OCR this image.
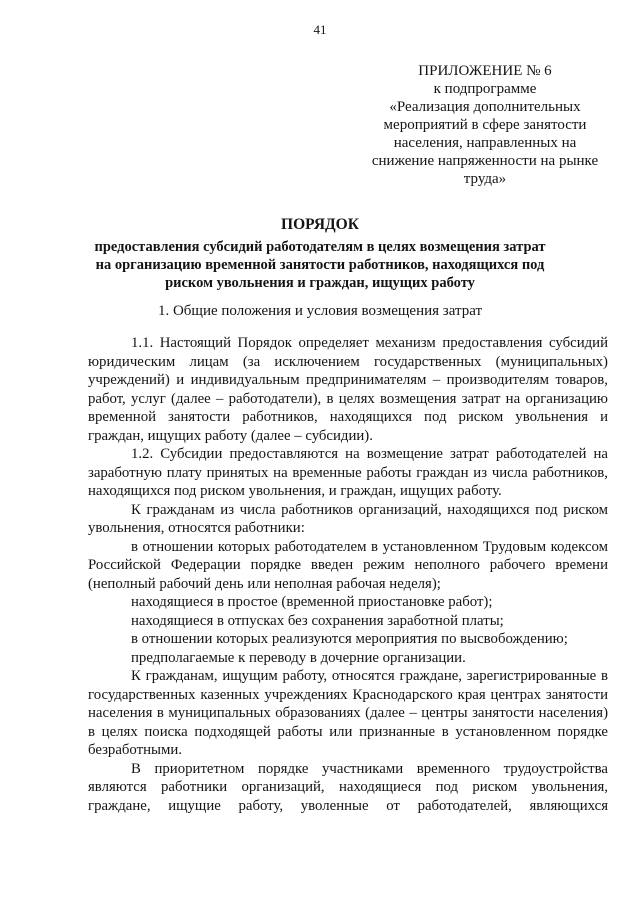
41
ПРИЛОЖЕНИЕ № 6
к подпрограмме
«Реализация дополнительных
мероприятий в сфере занятости
населения, направленных на
снижение напряженности на рынке
труда»
ПОРЯДОК
предоставления субсидий работодателям в целях возмещения затрат
на организацию временной занятости работников, находящихся под
риском увольнения и граждан, ищущих работу
1. Общие положения и условия возмещения затрат

1.1. Настоящий Порядок определяет механизм предоставления субсидий юридическим лицам (за исключением государственных (муниципальных) учреждений) и индивидуальным предпринимателям – производителям товаров, работ, услуг (далее – работодатели), в целях возмещения затрат на организацию временной занятости работников, находящихся под риском увольнения и граждан, ищущих работу (далее – субсидии).

1.2. Субсидии предоставляются на возмещение затрат работодателей на заработную плату принятых на временные работы граждан из числа работников, находящихся под риском увольнения, и граждан, ищущих работу.

К гражданам из числа работников организаций, находящихся под риском увольнения, относятся работники:

в отношении которых работодателем в установленном Трудовым кодексом Российской Федерации порядке введен режим неполного рабочего времени (неполный рабочий день или неполная рабочая неделя);

находящиеся в простое (временной приостановке работ);

находящиеся в отпусках без сохранения заработной платы;

в отношении которых реализуются мероприятия по высвобождению;

предполагаемые к переводу в дочерние организации.

К гражданам, ищущим работу, относятся граждане, зарегистрированные в государственных казенных учреждениях Краснодарского края центрах занятости населения в муниципальных образованиях (далее – центры занятости населения) в целях поиска подходящей работы или признанные в установленном порядке безработными.

В приоритетном порядке участниками временного трудоустройства являются работники организаций, находящиеся под риском увольнения, граждане, ищущие работу, уволенные от работодателей, являющихся
